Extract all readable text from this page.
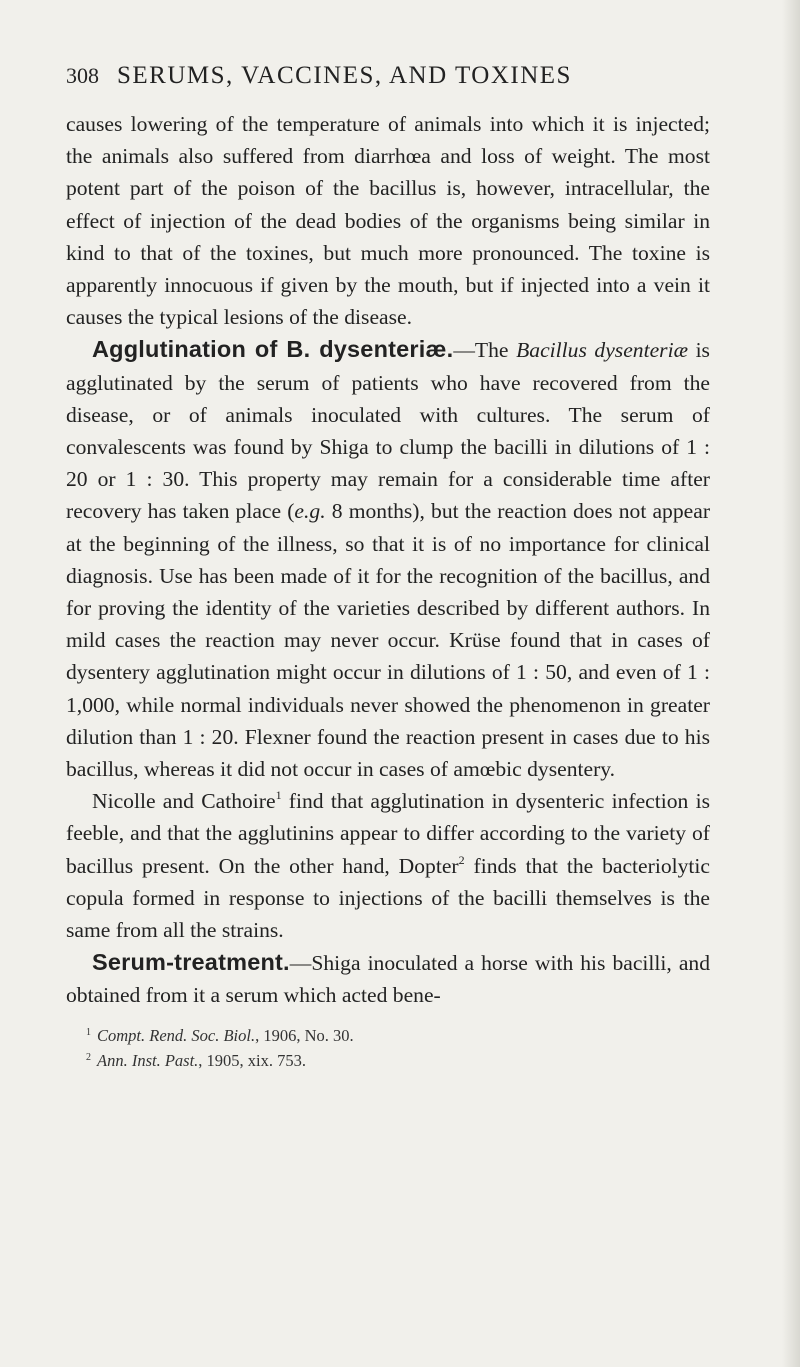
308 SERUMS, VACCINES, AND TOXINES

causes lowering of the temperature of animals into which it is injected; the animals also suffered from diarrhœa and loss of weight. The most potent part of the poison of the bacillus is, however, intracellular, the effect of injection of the dead bodies of the organisms being similar in kind to that of the toxines, but much more pronounced. The toxine is apparently innocuous if given by the mouth, but if injected into a vein it causes the typical lesions of the disease.

Agglutination of B. dysenteriæ.—The Bacillus dysenteriæ is agglutinated by the serum of patients who have recovered from the disease, or of animals inoculated with cultures. The serum of convalescents was found by Shiga to clump the bacilli in dilutions of 1 : 20 or 1 : 30. This property may remain for a considerable time after recovery has taken place (e.g. 8 months), but the reaction does not appear at the beginning of the illness, so that it is of no importance for clinical diagnosis. Use has been made of it for the recognition of the bacillus, and for proving the identity of the varieties described by different authors. In mild cases the reaction may never occur. Krüse found that in cases of dysentery agglutination might occur in dilutions of 1 : 50, and even of 1 : 1,000, while normal individuals never showed the phenomenon in greater dilution than 1 : 20. Flexner found the reaction present in cases due to his bacillus, whereas it did not occur in cases of amœbic dysentery.

Nicolle and Cathoire$^1$ find that agglutination in dysenteric infection is feeble, and that the agglutinins appear to differ according to the variety of bacillus present. On the other hand, Dopter$^2$ finds that the bacteriolytic copula formed in response to injections of the bacilli themselves is the same from all the strains.

Serum-treatment.—Shiga inoculated a horse with his bacilli, and obtained from it a serum which acted bene-

$^1$ Compt. Rend. Soc. Biol., 1906, No. 30.
$^2$ Ann. Inst. Past., 1905, xix. 753.
